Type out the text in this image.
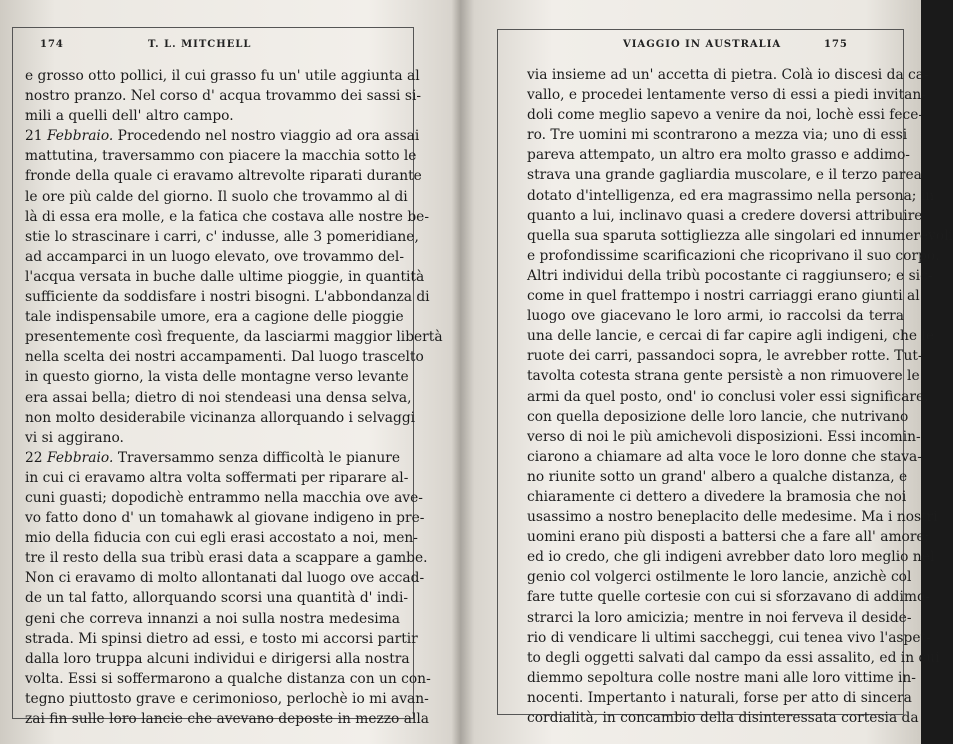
174	T. L. MITCHELL
e grosso otto pollici, il cui grasso fu un' utile aggiunta al
nostro pranzo. Nel corso d' acqua trovammo dei sassi si-
mili a quelli dell' altro campo.
21 Febbraio. Procedendo nel nostro viaggio ad ora assai
mattutina, traversammo con piacere la macchia sotto le
fronde della quale ci eravamo altrevolte riparati durante
le ore più calde del giorno. Il suolo che trovammo al di
là di essa era molle, e la fatica che costava alle nostre be-
stie lo strascinare i carri, c' indusse, alle 3 pomeridiane,
ad accamparci in un luogo elevato, ove trovammo del-
l'acqua versata in buche dalle ultime pioggie, in quantità
sufficiente da soddisfare i nostri bisogni. L'abbondanza di
tale indispensabile umore, era a cagione delle pioggie
presentemente così frequente, da lasciarmi maggior libertà
nella scelta dei nostri accampamenti. Dal luogo trascelto
in questo giorno, la vista delle montagne verso levante
era assai bella; dietro di noi stendeasi una densa selva,
non molto desiderabile vicinanza allorquando i selvaggi
vi si aggirano.
22 Febbraio. Traversammo senza difficoltà le pianure
in cui ci eravamo altra volta soffermati per riparare al-
cuni guasti; dopodichè entrammo nella macchia ove ave-
vo fatto dono d' un tomahawk al giovane indigeno in pre-
mio della fiducia con cui egli erasi accostato a noi, men-
tre il resto della sua tribù erasi data a scappare a gambe.
Non ci eravamo di molto allontanati dal luogo ove accad-
de un tal fatto, allorquando scorsi una quantità d' indi-
geni che correva innanzi a noi sulla nostra medesima
strada. Mi spinsi dietro ad essi, e tosto mi accorsi partir
dalla loro truppa alcuni individui e dirigersi alla nostra
volta. Essi si soffermarono a qualche distanza con un con-
tegno piuttosto grave e cerimonioso, perlochè io mi avan-
zai fin sulle loro lancie che avevano deposte in mezzo alla
VIAGGIO IN AUSTRALIA	175
via insieme ad un' accetta di pietra. Colà io discesi da ca-
vallo, e procedei lentamente verso di essi a piedi invitan-
doli come meglio sapevo a venire da noi, lochè essi fece-
ro. Tre uomini mi scontrarono a mezza via; uno di essi
pareva attempato, un altro era molto grasso e addimo-
strava una grande gagliardia muscolare, e il terzo parea
dotato d'intelligenza, ed era magrassimo nella persona; in
quanto a lui, inclinavo quasi a credere doversi attribuire
quella sua sparuta sottigliezza alle singolari ed innumerevoli
e profondissime scarificazioni che ricoprivano il suo corpo.
Altri individui della tribù pocostante ci raggiunsero; e sic-
come in quel frattempo i nostri carriaggi erano giunti al
luogo ove giacevano le loro armi, io raccolsi da terra
una delle lancie, e cercai di far capire agli indigeni, che le
ruote dei carri, passandoci sopra, le avrebber rotte. Tut-
tavolta cotesta strana gente persistè a non rimuovere le
armi da quel posto, ond' io conclusi voler essi significare,
con quella deposizione delle loro lancie, che nutrivano
verso di noi le più amichevoli disposizioni. Essi incomin-
ciarono a chiamare ad alta voce le loro donne che stava-
no riunite sotto un grand' albero a qualche distanza, e
chiaramente ci dettero a divedere la bramosia che noi
usassimo a nostro beneplacito delle medesime. Ma i nostri
uomini erano più disposti a battersi che a fare all' amore;
ed io credo, che gli indigeni avrebber dato loro meglio nel
genio col volgerci ostilmente le loro lancie, anzichè col
fare tutte quelle cortesie con cui si sforzavano di addimo-
strarci la loro amicizia; mentre in noi ferveva il deside-
rio di vendicare li ultimi saccheggi, cui tenea vivo l'aspet-
to degli oggetti salvati dal campo da essi assalito, ed in cui
diemmo sepoltura colle nostre mani alle loro vittime in-
nocenti. Impertanto i naturali, forse per atto di sincera
cordialità, in concambio della disinteressata cortesia da
